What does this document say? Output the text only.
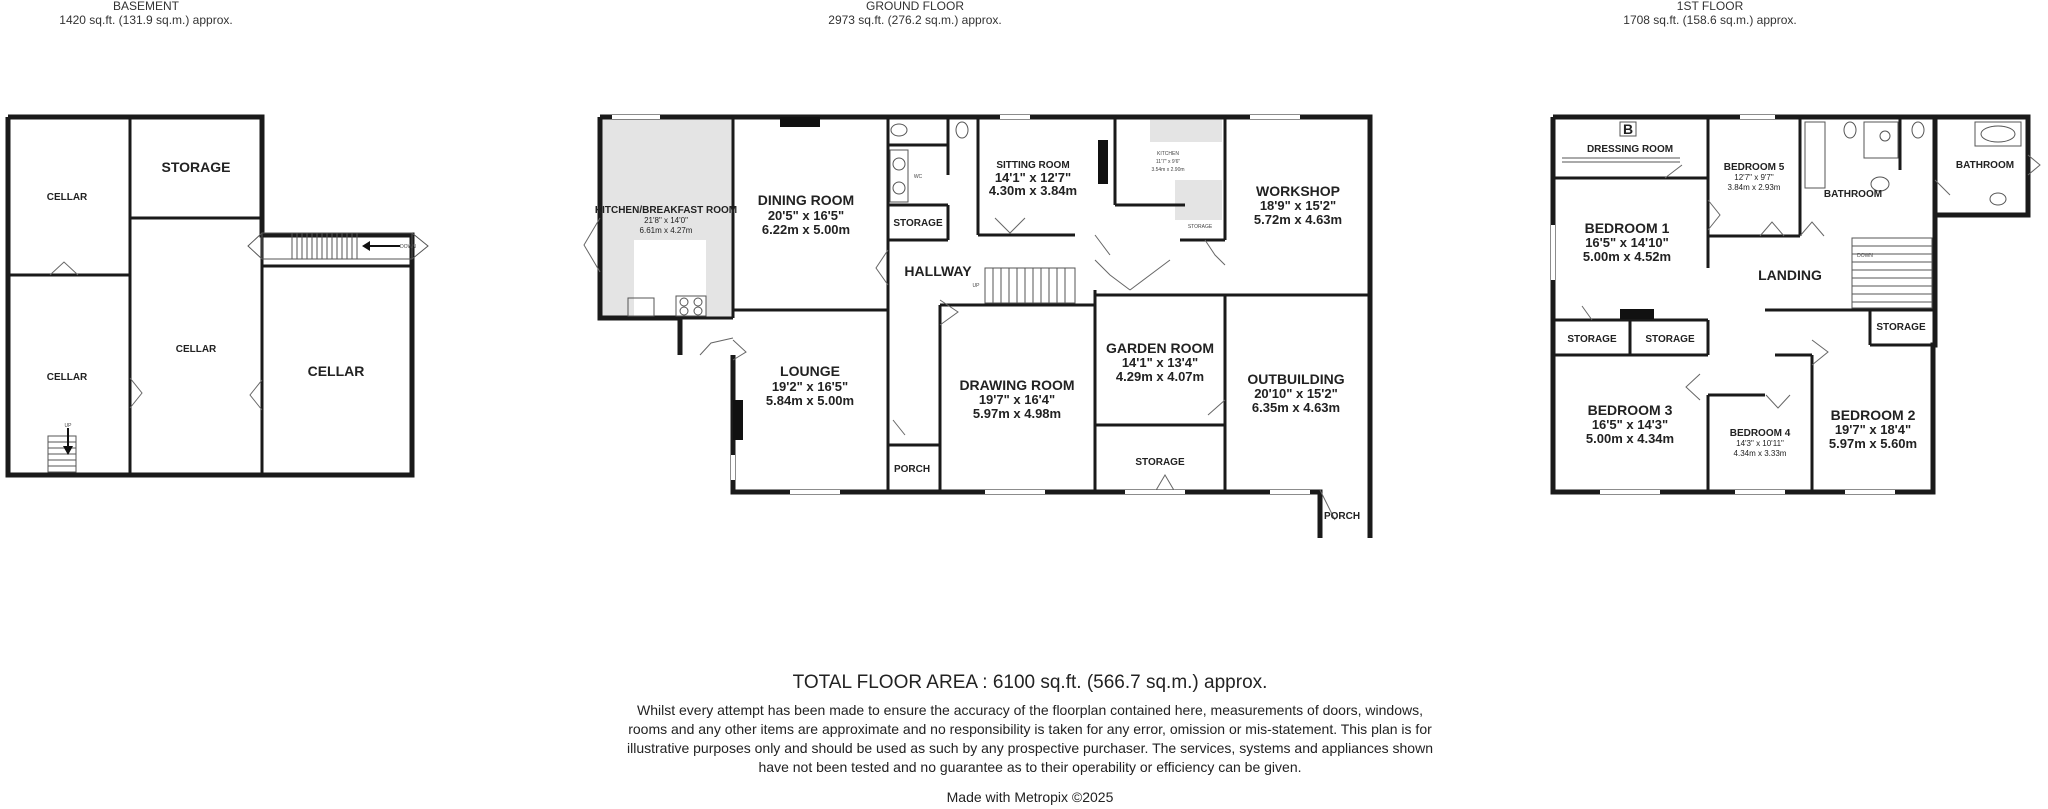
BASEMENT
1420 sq.ft. (131.9 sq.m.) approx.
GROUND FLOOR
2973 sq.ft. (276.2 sq.m.) approx.
1ST FLOOR
1708 sq.ft. (158.6 sq.m.) approx.
DOWN
UP
CELLAR
STORAGE
CELLAR
CELLAR
CELLAR
UP
KITCHEN/BREAKFAST ROOM
21'8" x 14'0"
6.61m x 4.27m
DINING ROOM
20'5" x 16'5"
6.22m x 5.00m
LOUNGE
19'2" x 16'5"
5.84m x 5.00m
WC
STORAGE
HALLWAY
PORCH
SITTING ROOM
14'1" x 12'7"
4.30m x 3.84m
KITCHEN
11'7" x 9'6"
3.54m x 2.90m
STORAGE
WORKSHOP
18'9" x 15'2"
5.72m x 4.63m
DRAWING ROOM
19'7" x 16'4"
5.97m x 4.98m
GARDEN ROOM
14'1" x 13'4"
4.29m x 4.07m
STORAGE
OUTBUILDING
20'10" x 15'2"
6.35m x 4.63m
PORCH
B
DOWN
DRESSING ROOM
BEDROOM 5
12'7" x 9'7"
3.84m x 2.93m
BATHROOM
BATHROOM
BEDROOM 1
16'5" x 14'10"
5.00m x 4.52m
LANDING
STORAGE	STORAGE
STORAGE
BEDROOM 3
16'5" x 14'3"
5.00m x 4.34m	BEDROOM 4
14'3" x 10'11"
4.34m x 3.33m
BEDROOM 2
19'7" x 18'4"
5.97m x 5.60m
TOTAL FLOOR AREA : 6100 sq.ft. (566.7 sq.m.) approx.
Whilst every attempt has been made to ensure the accuracy of the floorplan contained here, measurements of doors, windows, rooms and any other items are approximate and no responsibility is taken for any error, omission or mis-statement. This plan is for illustrative purposes only and should be used as such by any prospective purchaser. The services, systems and appliances shown have not been tested and no guarantee as to their operability or efficiency can be given.
Made with Metropix ©2025
